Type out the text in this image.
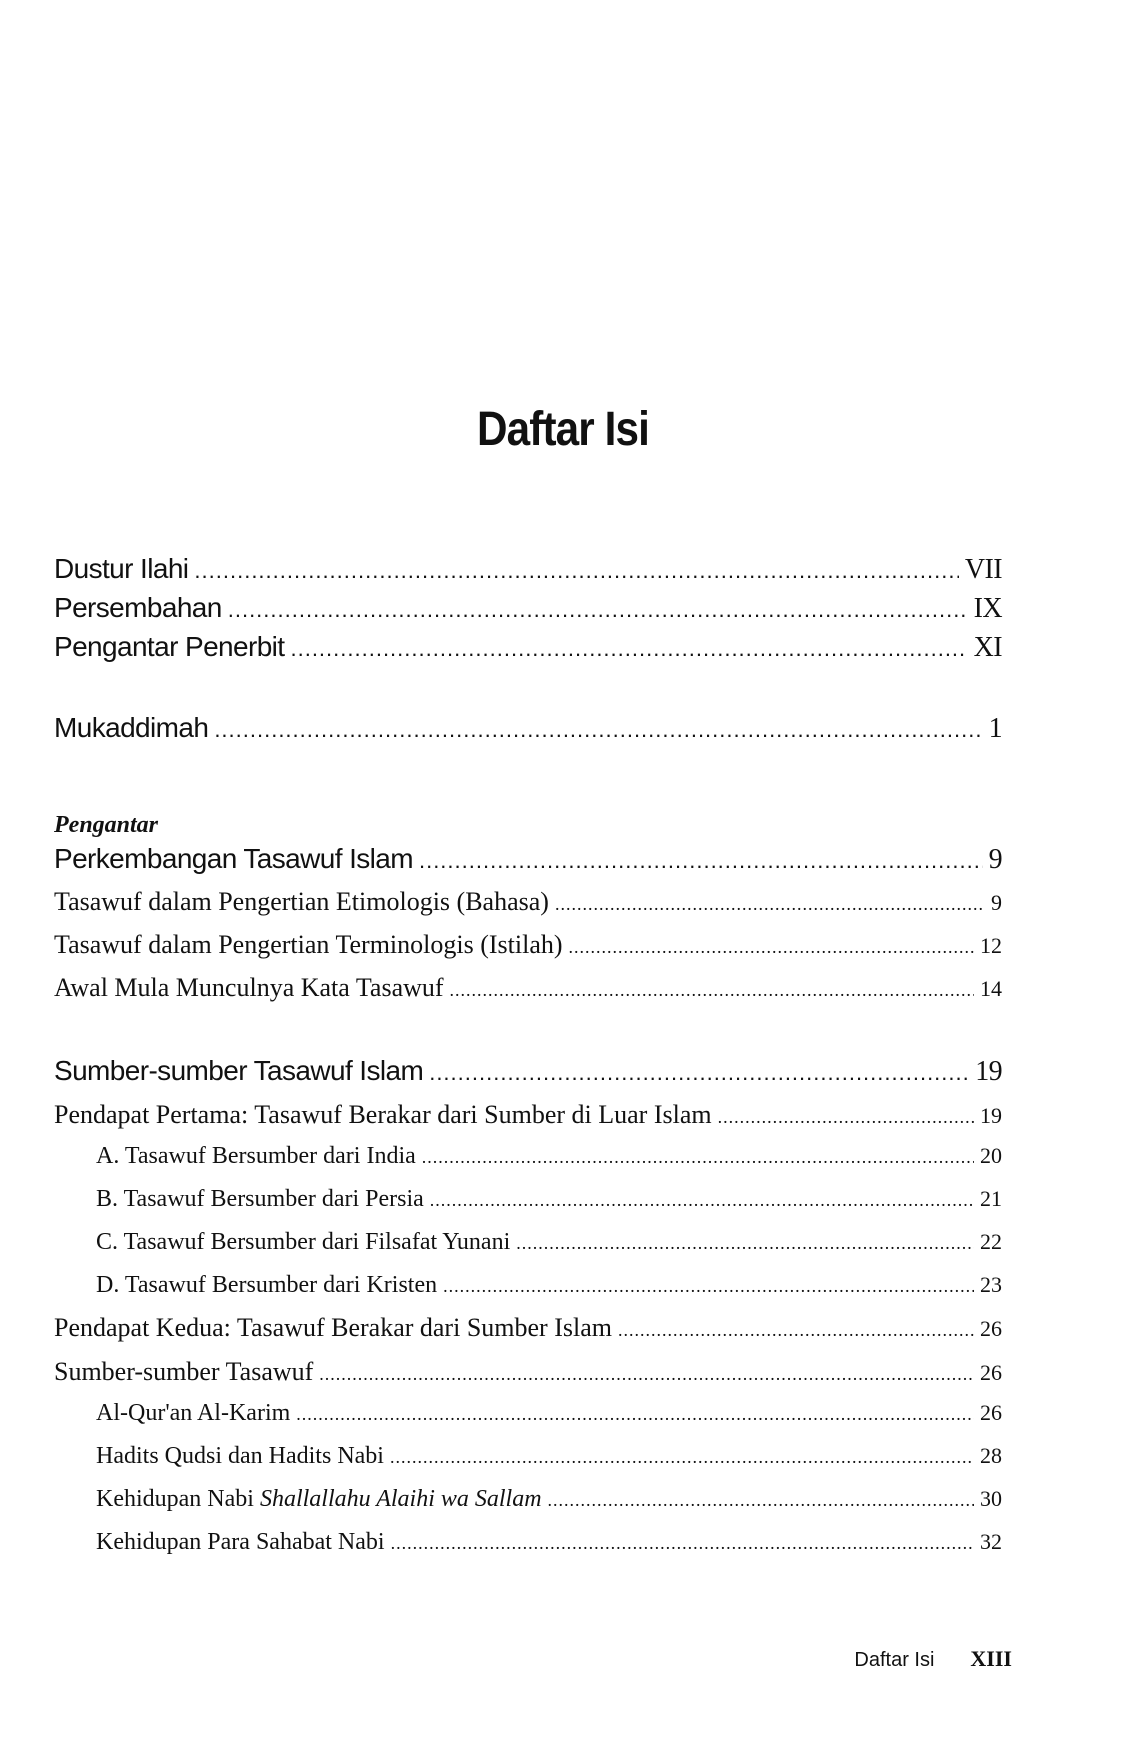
Daftar Isi
Dustur Ilahi .....	VII
Persembahan .....	IX
Pengantar Penerbit .....	XI
Mukaddimah .....	1
Pengantar
Perkembangan Tasawuf Islam .....	9
Tasawuf dalam Pengertian Etimologis (Bahasa) .....	9
Tasawuf dalam Pengertian Terminologis (Istilah) .....	12
Awal Mula Munculnya Kata Tasawuf .....	14
Sumber-sumber Tasawuf Islam .....	19
Pendapat Pertama: Tasawuf Berakar dari Sumber di Luar Islam .....	19
A. Tasawuf Bersumber dari India .....	20
B. Tasawuf Bersumber dari Persia .....	21
C. Tasawuf Bersumber dari Filsafat Yunani .....	22
D. Tasawuf Bersumber dari Kristen .....	23
Pendapat Kedua: Tasawuf Berakar dari Sumber Islam .....	26
Sumber-sumber Tasawuf .....	26
Al-Qur'an Al-Karim .....	26
Hadits Qudsi dan Hadits Nabi .....	28
Kehidupan Nabi Shallallahu Alaihi wa Sallam .....	30
Kehidupan Para Sahabat Nabi .....	32
Daftar Isi XIII
